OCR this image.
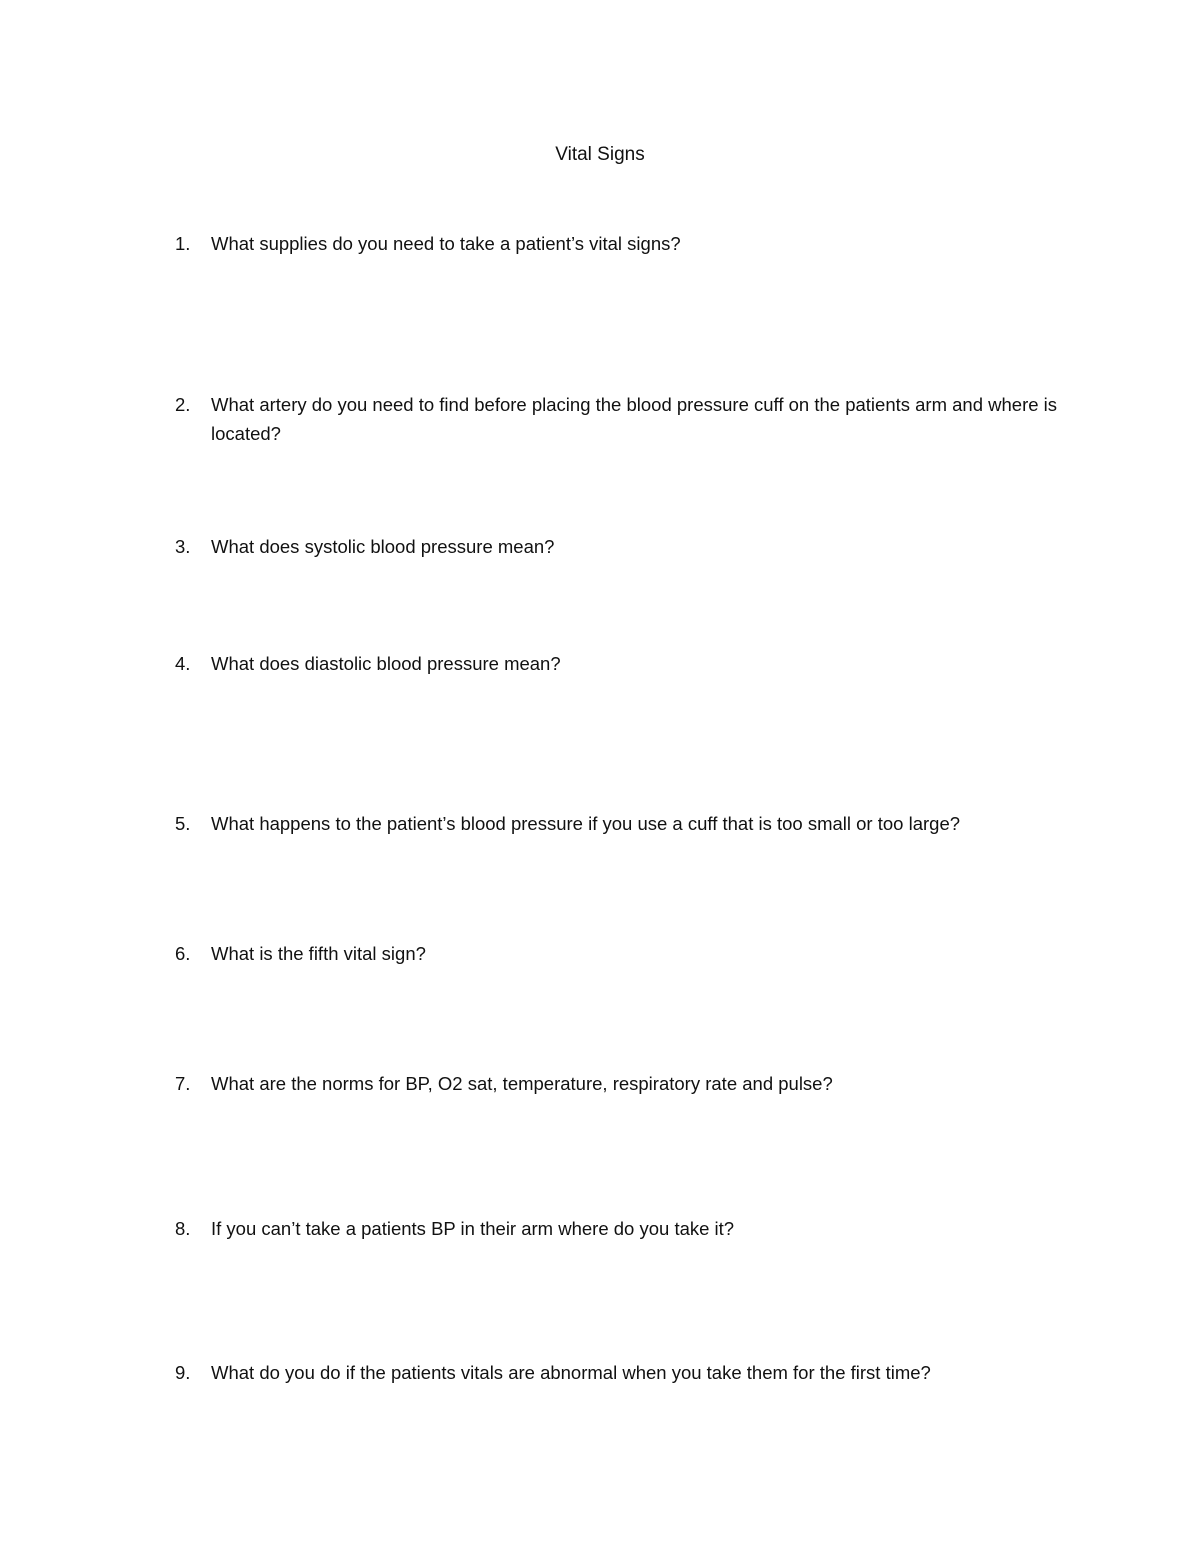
Vital Signs
1.	What supplies do you need to take a patient’s vital signs?
2.	What artery do you need to find before placing the blood pressure cuff on the patients arm and where is located?
3.	What does systolic blood pressure mean?
4.	What does diastolic blood pressure mean?
5.	What happens to the patient’s blood pressure if you use a cuff that is too small or too large?
6.	What is the fifth vital sign?
7.	What are the norms for BP, O2 sat, temperature, respiratory rate and pulse?
8.	If you can’t take a patients BP in their arm where do you take it?
9.	What do you do if the patients vitals are abnormal when you take them for the first time?
